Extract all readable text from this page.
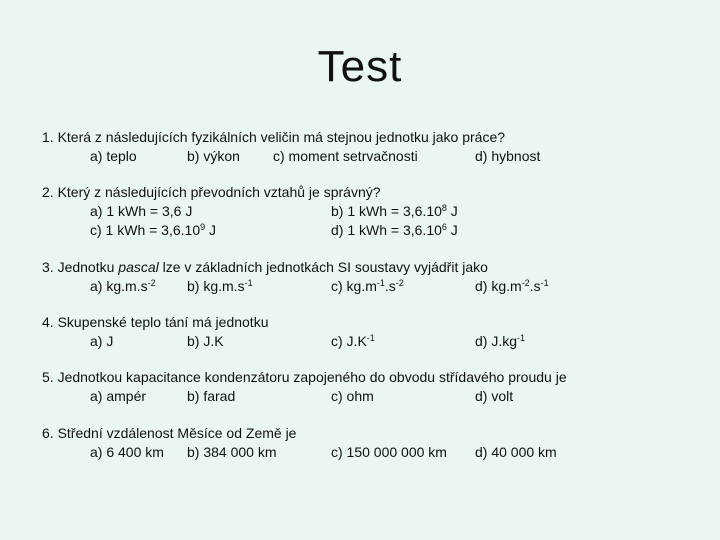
Test
1. Která z následujících fyzikálních veličin má stejnou jednotku jako práce?
a) teplo	b) výkon c) moment setrvačnosti	d) hybnost
2. Který z následujících převodních vztahů je správný?
a) 1 kWh = 3,6 J	b) 1 kWh = $3,6.10^8$ J
c) 1 kWh = $3,6.10^9$ J	d) 1 kWh = $3,6.10^6$ J
3. Jednotku pascal lze v základních jednotkách SI soustavy vyjádřit jako
a) $kg.m.s^{-2}$ b) $kg.m.s^{-1}$	c) $kg.m^{-1}.s^{-2}$	d) $kg.m^{-2}.s^{-1}$
4. Skupenské teplo tání má jednotku
a) J	b) J.K	c) $J.K^{-1}$	d) $J.kg^{-1}$
5. Jednotkou kapacitance kondenzátoru zapojeného do obvodu střídavého proudu je
a) ampér	b) farad	c) ohm	d) volt
6. Střední vzdálenost Měsíce od Země je
a) 6 400 km b) 384 000 km	c) 150 000 000 km d) 40 000 km
